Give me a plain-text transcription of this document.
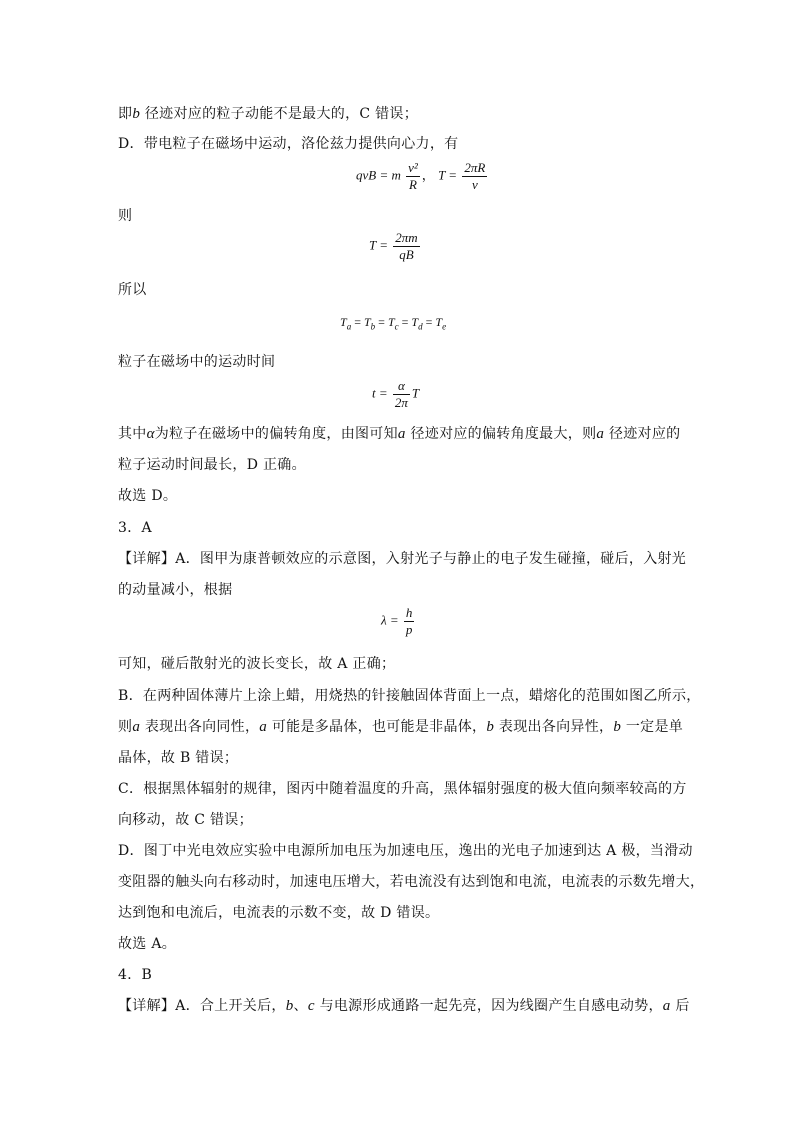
即b 径迹对应的粒子动能不是最大的，C 错误；
D．带电粒子在磁场中运动，洛伦兹力提供向心力，有
qvB = m $\frac{\text{v²}}{R}$ ， $T = \frac{2\pi R}{v}$
则
$T = \frac{2\pi m}{qB}$
所以
$T_a = T_b = T_c = T_d = T_e$
粒子在磁场中的运动时间
$t = \frac{\alpha}{2\pi}$ T
其中α为粒子在磁场中的偏转角度，由图可知a 径迹对应的偏转角度最大，则a 径迹对应的
粒子运动时间最长，D 正确。
故选 D。
3．A
【详解】A．图甲为康普顿效应的示意图，入射光子与静止的电子发生碰撞，碰后，入射光
的动量减小，根据
$\lambda = \frac{h}{p}$
可知，碰后散射光的波长变长，故 A 正确；
B．在两种固体薄片上涂上蜡，用烧热的针接触固体背面上一点，蜡熔化的范围如图乙所示，
则a 表现出各向同性，a 可能是多晶体，也可能是非晶体，b 表现出各向异性，b 一定是单
晶体，故 B 错误；
C．根据黑体辐射的规律，图丙中随着温度的升高，黑体辐射强度的极大值向频率较高的方
向移动，故 C 错误；
D．图丁中光电效应实验中电源所加电压为加速电压，逸出的光电子加速到达 A 极，当滑动
变阻器的触头向右移动时，加速电压增大，若电流没有达到饱和电流，电流表的示数先增大，
达到饱和电流后，电流表的示数不变，故 D 错误。
故选 A。
4．B
【详解】A．合上开关后，b、c 与电源形成通路一起先亮，因为线圈产生自感电动势，a 后
